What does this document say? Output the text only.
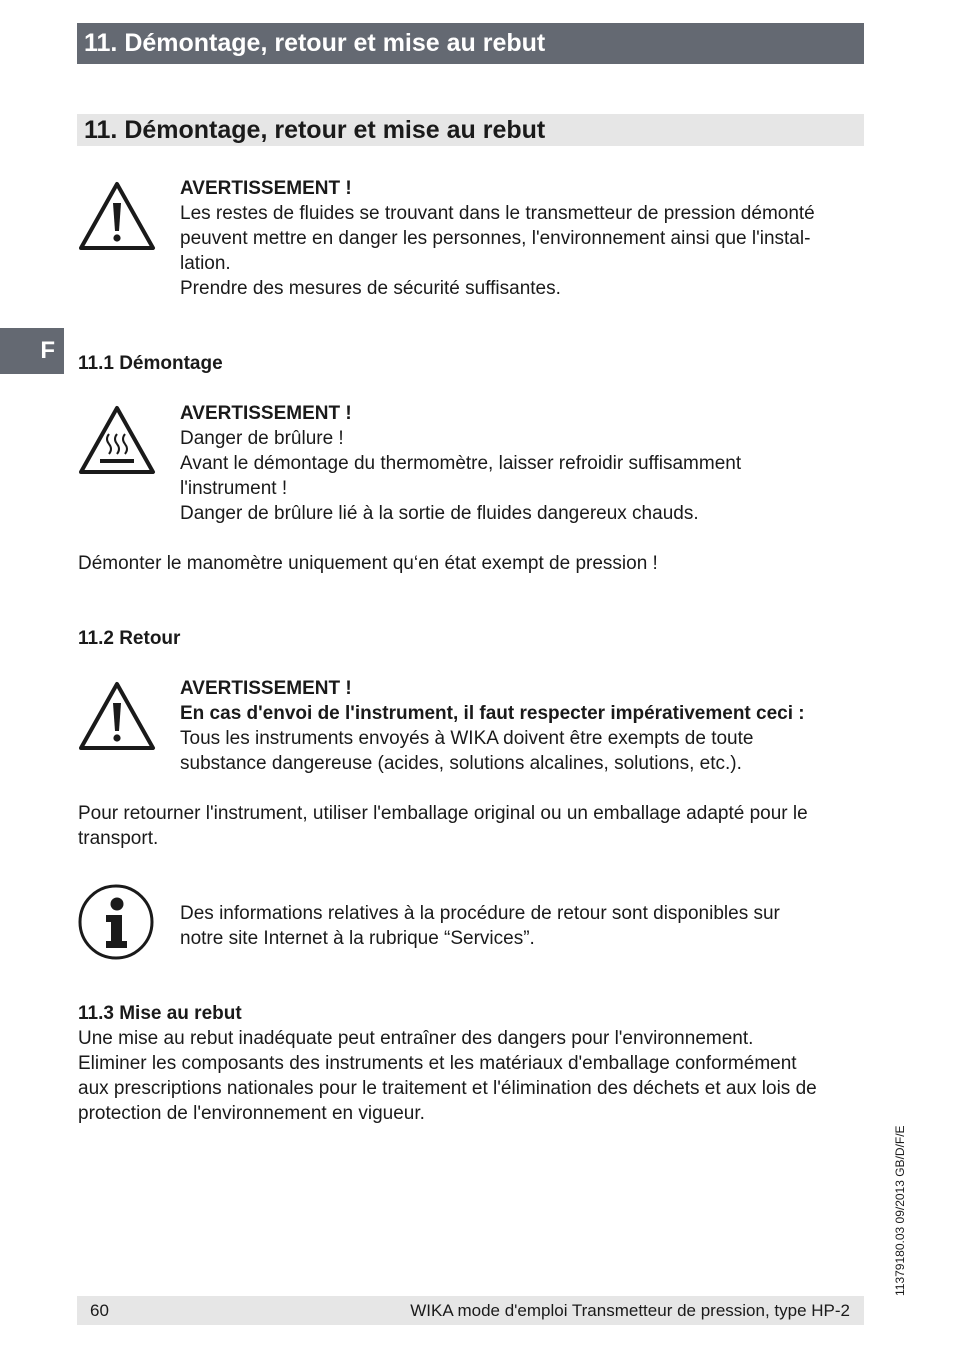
11. Démontage, retour et mise au rebut
11. Démontage, retour et mise au rebut
F
AVERTISSEMENT !
Les restes de fluides se trouvant dans le transmetteur de pression démonté
peuvent mettre en danger les personnes, l'environnement ainsi que l'instal-
lation.
Prendre des mesures de sécurité suffisantes.
11.1 Démontage
AVERTISSEMENT !
Danger de brûlure !
Avant le démontage du thermomètre, laisser refroidir suffisamment
l'instrument !
Danger de brûlure lié à la sortie de fluides dangereux chauds.
Démonter le manomètre uniquement qu‘en état exempt de pression !
11.2 Retour
AVERTISSEMENT !
En cas d'envoi de l'instrument, il faut respecter impérativement ceci :
Tous les instruments envoyés à WIKA doivent être exempts de toute
substance dangereuse (acides, solutions alcalines, solutions, etc.).
Pour retourner l'instrument, utiliser l'emballage original ou un emballage adapté pour le
transport.
Des informations relatives à la procédure de retour sont disponibles sur
notre site Internet à la rubrique “Services”.
11.3 Mise au rebut
Une mise au rebut inadéquate peut entraîner des dangers pour l'environnement.
Eliminer les composants des instruments et les matériaux d'emballage conformément
aux prescriptions nationales pour le traitement et l'élimination des déchets et aux lois de
protection de l'environnement en vigueur.
11379180.03 09/2013 GB/D/F/E
60	WIKA mode d'emploi Transmetteur de pression, type HP-2
